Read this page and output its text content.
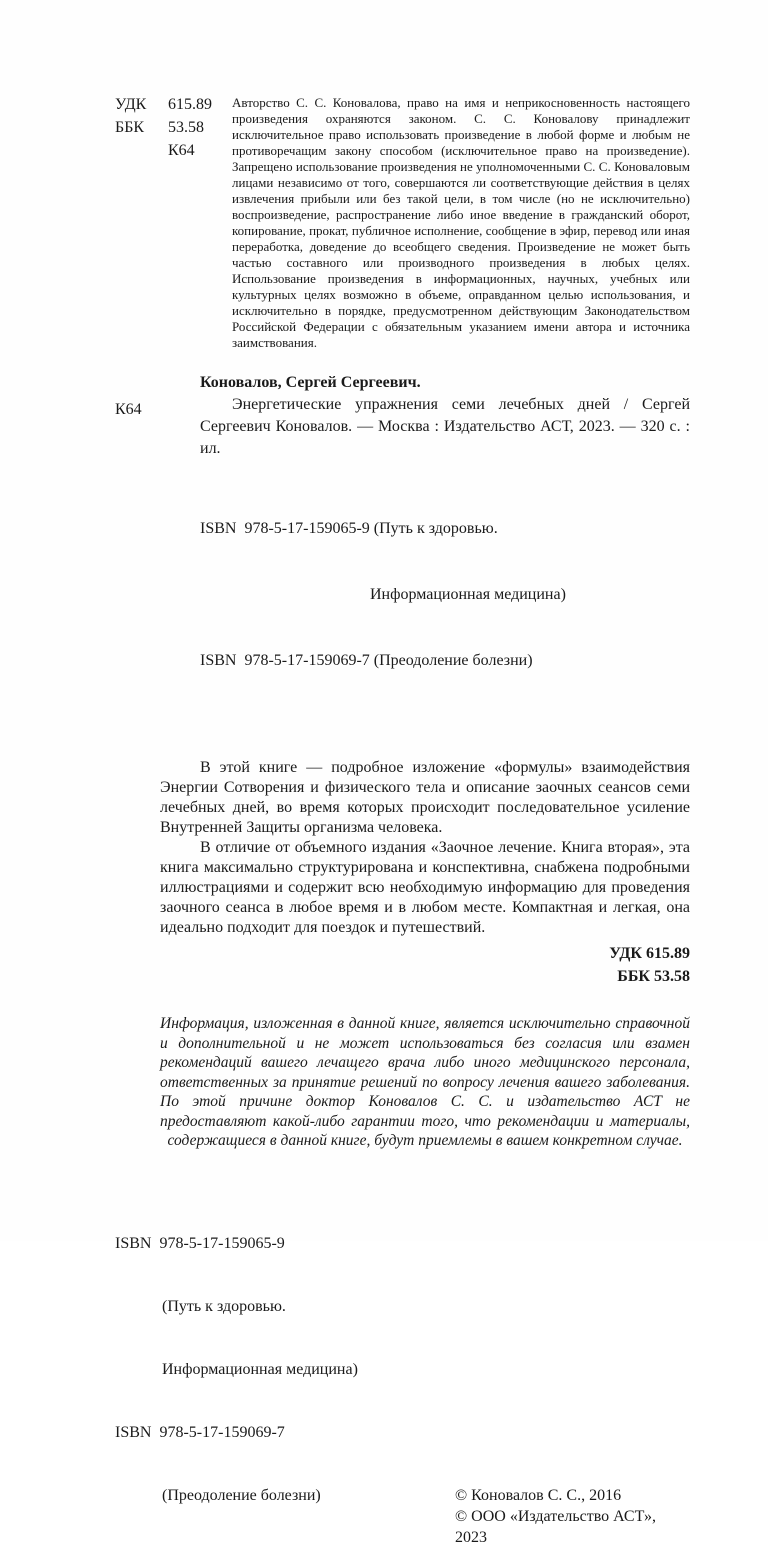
УДК	615.89
ББК	53.58
К64

Авторство С. С. Коновалова, право на имя и неприкосновенность настоящего произведения охраняются законом. С. С. Коновалову принадлежит исключительное право использовать произведение в любой форме и любым не противоречащим закону способом (исключительное право на произведение). Запрещено использование произведения не уполномоченными С. С. Коноваловым лицами независимо от того, совершаются ли соответствующие действия в целях извлечения прибыли или без такой цели, в том числе (но не исключительно) воспроизведение, распространение либо иное введение в гражданский оборот, копирование, прокат, публичное исполнение, сообщение в эфир, перевод или иная переработка, доведение до всеобщего сведения. Произведение не может быть частью составного или производного произведения в любых целях. Использование произведения в информационных, научных, учебных или культурных целях возможно в объеме, оправданном целью использования, и исключительно в порядке, предусмотренном действующим Законодательством Российской Федерации с обязательным указанием имени автора и источника заимствования.

К64

Коновалов, Сергей Сергеевич.

Энергетические упражнения семи лечебных дней / Сергей Сергеевич Коновалов. — Москва : Издательство АСТ, 2023. — 320 с. : ил.

ISBN  978-5-17-159065-9 (Путь к здоровью.

Информационная медицина)

ISBN  978-5-17-159069-7 (Преодоление болезни)

В этой книге — подробное изложение «формулы» взаимодействия Энергии Сотворения и физического тела и описание заочных сеансов семи лечебных дней, во время которых происходит последовательное усиление Внутренней Защиты организма человека.

В отличие от объемного издания «Заочное лечение. Книга вторая», эта книга максимально структурирована и конспективна, снабжена подробными иллюстрациями и содержит всю необходимую информацию для проведения заочного сеанса в любое время и в любом месте. Компактная и легкая, она идеально подходит для поездок и путешествий.

УДК 615.89
ББК 53.58

Информация, изложенная в данной книге, является исключительно справочной и дополнительной и не может использоваться без согласия или взамен рекомендаций вашего лечащего врача либо иного медицинского персонала, ответственных за принятие решений по вопросу лечения вашего заболевания. По этой причине доктор Коновалов С. С. и издательство АСТ не предоставляют какой-либо гарантии того, что рекомендации и материалы, содержащиеся в данной книге, будут приемлемы в вашем конкретном случае.

ISBN  978-5-17-159065-9

(Путь к здоровью.

Информационная медицина)

ISBN  978-5-17-159069-7

(Преодоление болезни)

	© Коновалов С. С., 2016
© ООО «Издательство АСТ», 2023
